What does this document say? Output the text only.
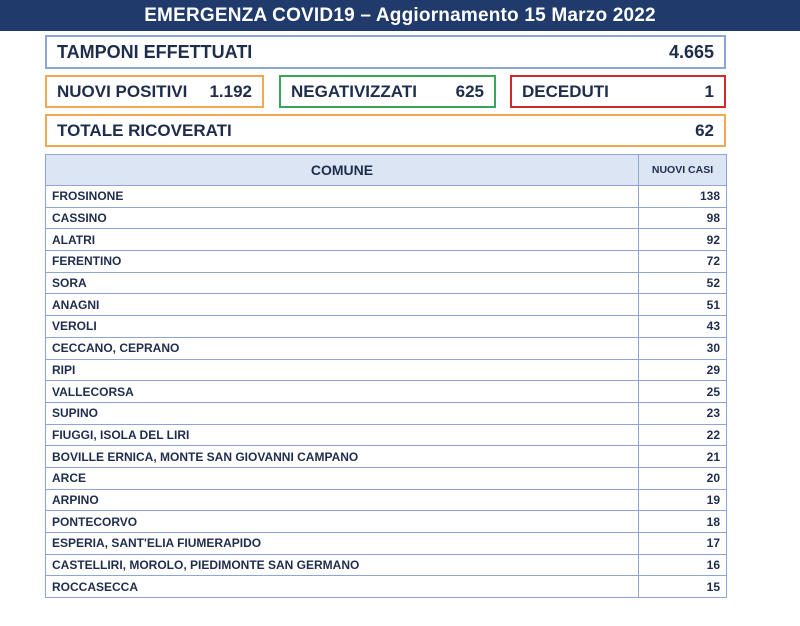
EMERGENZA COVID19 – Aggiornamento 15 Marzo 2022
TAMPONI EFFETTUATI	4.665
NUOVI POSITIVI 1.192 NEGATIVIZZATI 625 DECEDUTI	1
TOTALE RICOVERATI	62
COMUNE	NUOVI CASI
FROSINONE	138
CASSINO	98
ALATRI	92
FERENTINO	72
SORA	52
ANAGNI	51
VEROLI	43
CECCANO, CEPRANO	30
RIPI	29
VALLECORSA	25
SUPINO	23
FIUGGI, ISOLA DEL LIRI	22
BOVILLE ERNICA, MONTE SAN GIOVANNI CAMPANO	21
ARCE	20
ARPINO	19
PONTECORVO	18
ESPERIA, SANT'ELIA FIUMERAPIDO	17
CASTELLIRI, MOROLO, PIEDIMONTE SAN GERMANO	16
ROCCASECCA	15
